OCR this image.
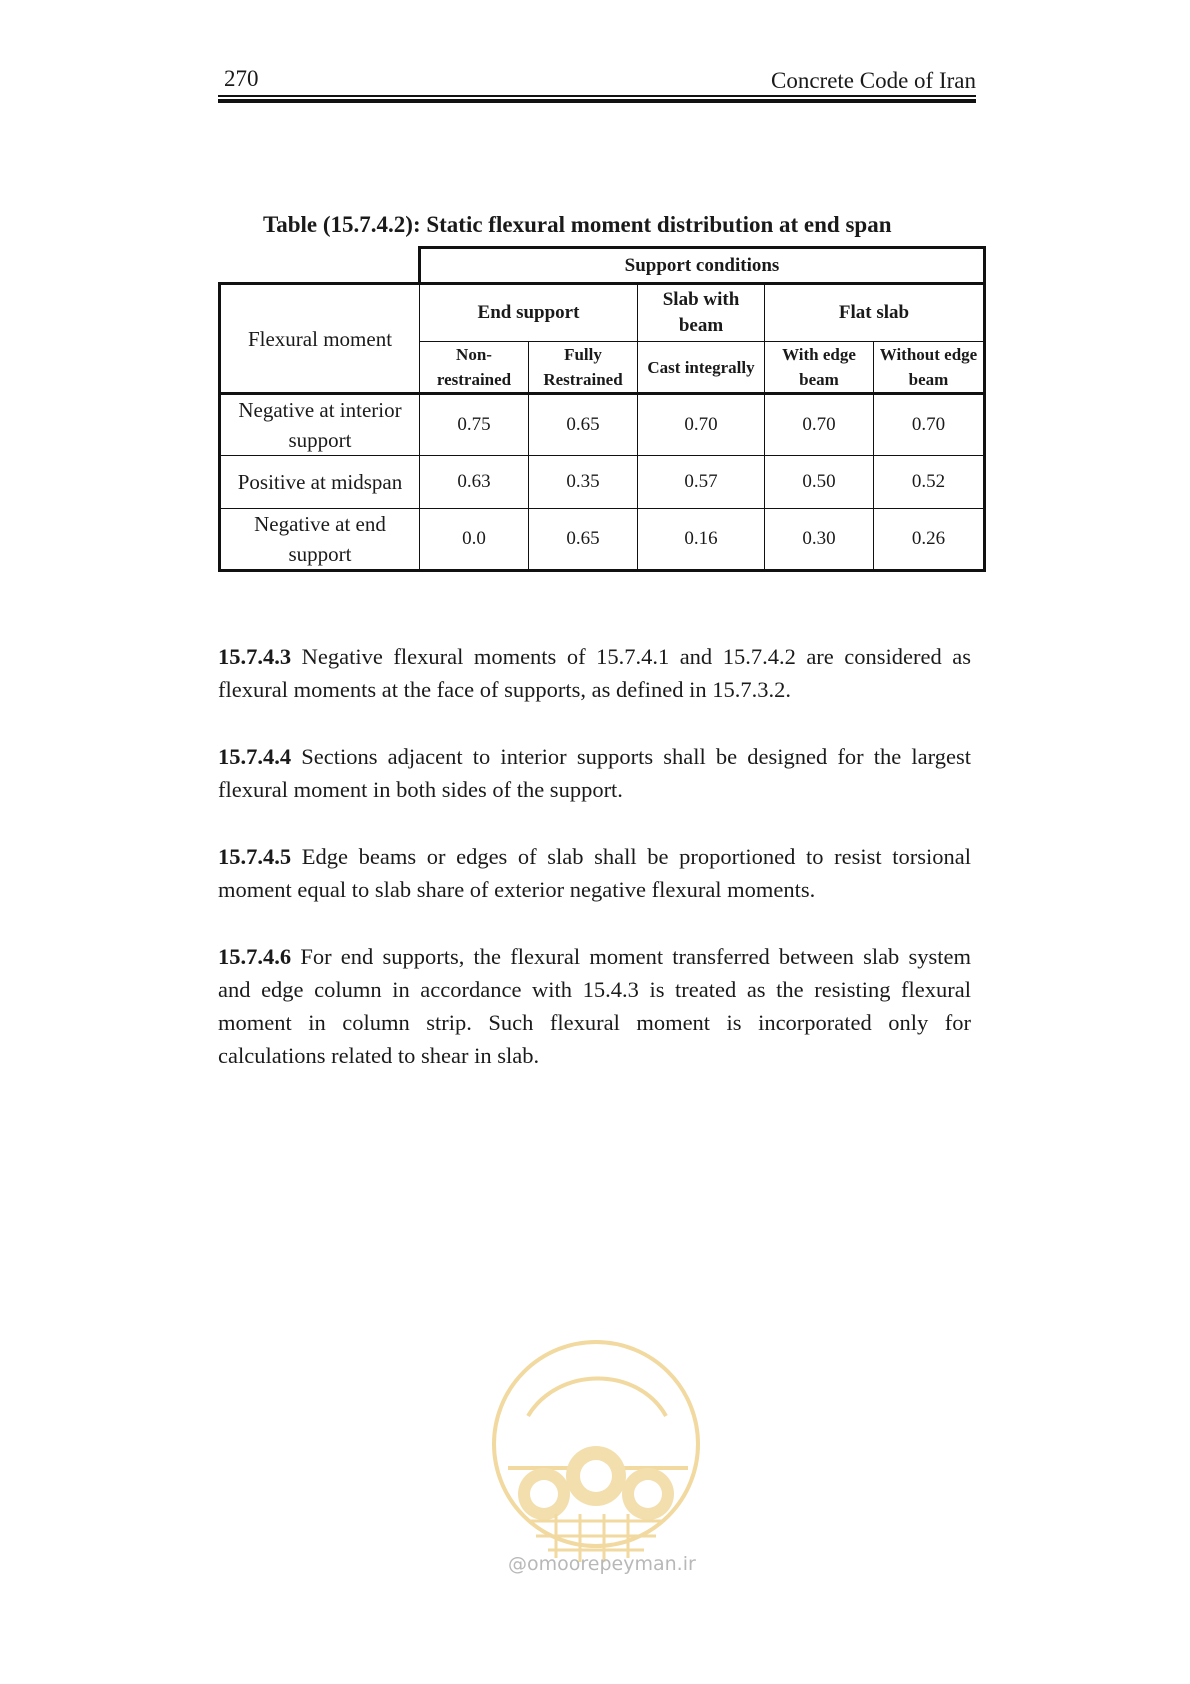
270	Concrete Code of Iran
Table (15.7.4.2): Static flexural moment distribution at end span
	Support conditions				
Flexural moment	End support		Slab with beam	Flat slab	
	Non-restrained	Fully Restrained	Cast integrally	With edge beam	Without edge beam
Negative at interior support	0.75	0.65	0.70	0.70	0.70
Positive at midspan	0.63	0.35	0.57	0.50	0.52
Negative at end support	0.0	0.65	0.16	0.30	0.26

15.7.4.3 Negative flexural moments of 15.7.4.1 and 15.7.4.2 are considered as flexural moments at the face of supports, as defined in 15.7.3.2.

15.7.4.4 Sections adjacent to interior supports shall be designed for the largest flexural moment in both sides of the support.

15.7.4.5 Edge beams or edges of slab shall be proportioned to resist torsional moment equal to slab share of exterior negative flexural moments.

15.7.4.6 For end supports, the flexural moment transferred between slab system and edge column in accordance with 15.4.3 is treated as the resisting flexural moment in column strip. Such flexural moment is incorporated only for calculations related to shear in slab.

@omoorepeyman.ir
